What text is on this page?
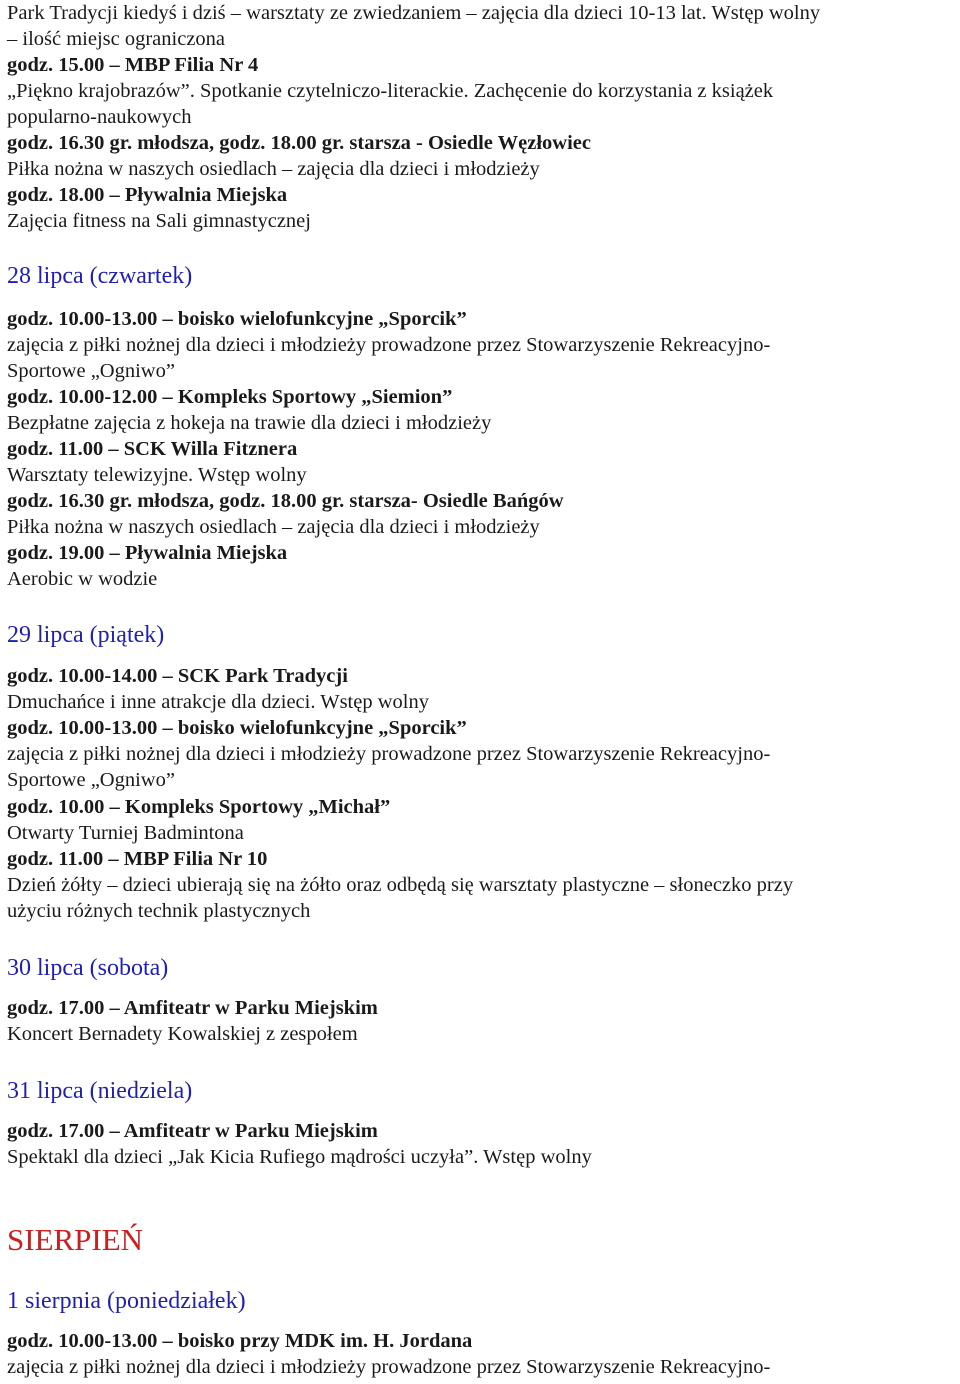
Park Tradycji kiedyś i dziś – warsztaty ze zwiedzaniem – zajęcia dla dzieci 10-13 lat. Wstęp wolny
– ilość miejsc ograniczona
godz. 15.00 – MBP Filia Nr 4
„Piękno krajobrazów”. Spotkanie czytelniczo-literackie. Zachęcenie do korzystania z książek
popularno-naukowych
godz. 16.30 gr. młodsza, godz. 18.00 gr. starsza - Osiedle Węzłowiec
Piłka nożna w naszych osiedlach – zajęcia dla dzieci i młodzieży
godz. 18.00 – Pływalnia Miejska
Zajęcia fitness na Sali gimnastycznej
28 lipca (czwartek)
godz. 10.00-13.00 – boisko wielofunkcyjne „Sporcik”
zajęcia z piłki nożnej dla dzieci i młodzieży prowadzone przez Stowarzyszenie Rekreacyjno-
Sportowe „Ogniwo”
godz. 10.00-12.00 – Kompleks Sportowy „Siemion”
Bezpłatne zajęcia z hokeja na trawie dla dzieci i młodzieży
godz. 11.00 – SCK Willa Fitznera
Warsztaty telewizyjne. Wstęp wolny
godz. 16.30 gr. młodsza, godz. 18.00 gr. starsza- Osiedle Bańgów
Piłka nożna w naszych osiedlach – zajęcia dla dzieci i młodzieży
godz. 19.00 – Pływalnia Miejska
Aerobic w wodzie
29 lipca (piątek)
godz. 10.00-14.00 – SCK Park Tradycji
Dmuchańce i inne atrakcje dla dzieci. Wstęp wolny
godz. 10.00-13.00 – boisko wielofunkcyjne „Sporcik”
zajęcia z piłki nożnej dla dzieci i młodzieży prowadzone przez Stowarzyszenie Rekreacyjno-
Sportowe „Ogniwo”
godz. 10.00 – Kompleks Sportowy „Michał”
Otwarty Turniej Badmintona
godz. 11.00 – MBP Filia Nr 10
Dzień żółty – dzieci ubierają się na żółto oraz odbędą się warsztaty plastyczne – słoneczko przy
użyciu różnych technik plastycznych
30 lipca (sobota)
godz. 17.00 – Amfiteatr w Parku Miejskim
Koncert Bernadety Kowalskiej z zespołem
31 lipca (niedziela)
godz. 17.00 – Amfiteatr w Parku Miejskim
Spektakl dla dzieci „Jak Kicia Rufiego mądrości uczyła”. Wstęp wolny
SIERPIEŃ
1 sierpnia (poniedziałek)
godz. 10.00-13.00 – boisko przy MDK im. H. Jordana
zajęcia z piłki nożnej dla dzieci i młodzieży prowadzone przez Stowarzyszenie Rekreacyjno-
